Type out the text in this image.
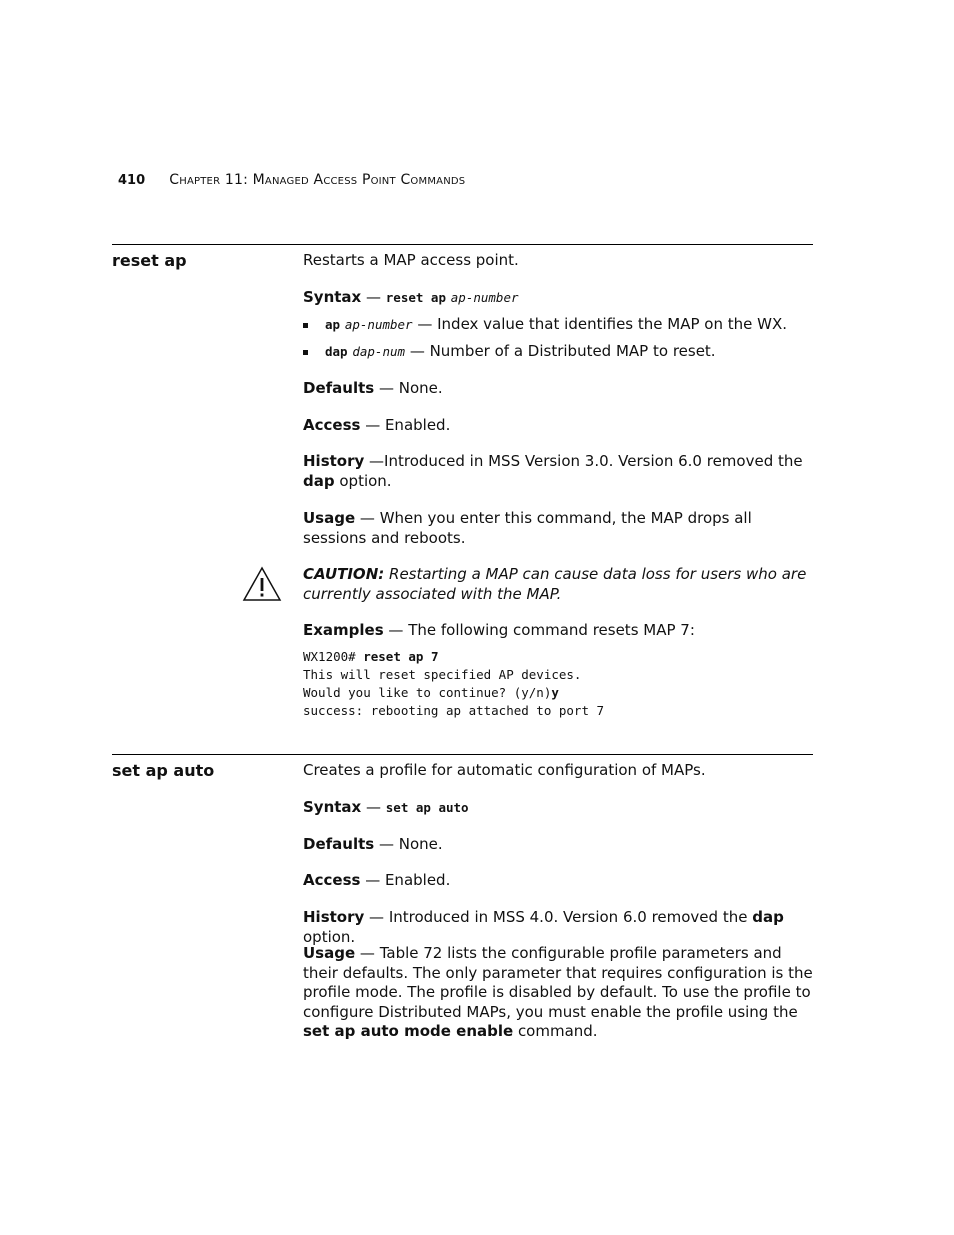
410 Chapter 11: Managed Access Point Commands
reset ap	Restarts a MAP access point.
Syntax — reset ap ap-number
ap ap-number — Index value that identifies the MAP on the WX.
dap dap-num — Number of a Distributed MAP to reset.
Defaults — None.
Access — Enabled.
History —Introduced in MSS Version 3.0. Version 6.0 removed the dap option.
Usage — When you enter this command, the MAP drops all sessions and reboots.
CAUTION: Restarting a MAP can cause data loss for users who are currently associated with the MAP.
Examples — The following command resets MAP 7:
WX1200# reset ap 7
This will reset specified AP devices.
Would you like to continue? (y/n)y
success: rebooting ap attached to port 7
set ap auto	Creates a profile for automatic configuration of MAPs.
Syntax — set ap auto
Defaults — None.
Access — Enabled.
History — Introduced in MSS 4.0. Version 6.0 removed the dap option.
Usage — Table 72 lists the configurable profile parameters and their defaults. The only parameter that requires configuration is the profile mode. The profile is disabled by default. To use the profile to configure Distributed MAPs, you must enable the profile using the set ap auto mode enable command.
